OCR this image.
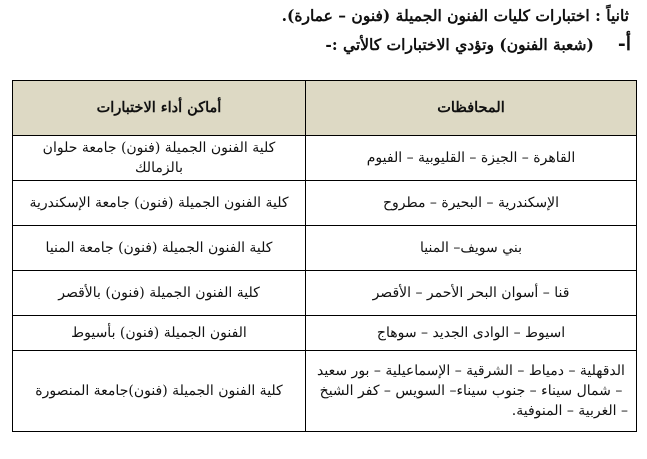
ثانياً : اختبارات كليات الفنون الجميلة (فنون – عمارة).
أ-(شعبة الفنون) وتؤدي الاختبارات كالأتي :-
المحافظات	أماكن أداء الاختبارات
القاهرة – الجيزة – القليوبية – الفيوم	كلية الفنون الجميلة (فنون) جامعة حلوان بالزمالك
الإسكندرية – البحيرة – مطروح	كلية الفنون الجميلة (فنون) جامعة الإسكندرية
بني سويف– المنيا	كلية الفنون الجميلة (فنون) جامعة المنيا
قنا – أسوان البحر الأحمر – الأقصر	كلية الفنون الجميلة (فنون) بالأقصر
اسيوط – الوادى الجديد – سوهاج	الفنون الجميلة (فنون) بأسيوط
الدقهلية – دمياط – الشرقية – الإسماعيلية – بور سعيد – شمال سيناء – جنوب سيناء– السويس – كفر الشيخ – الغربية – المنوفية.	كلية الفنون الجميلة (فنون)جامعة المنصورة
